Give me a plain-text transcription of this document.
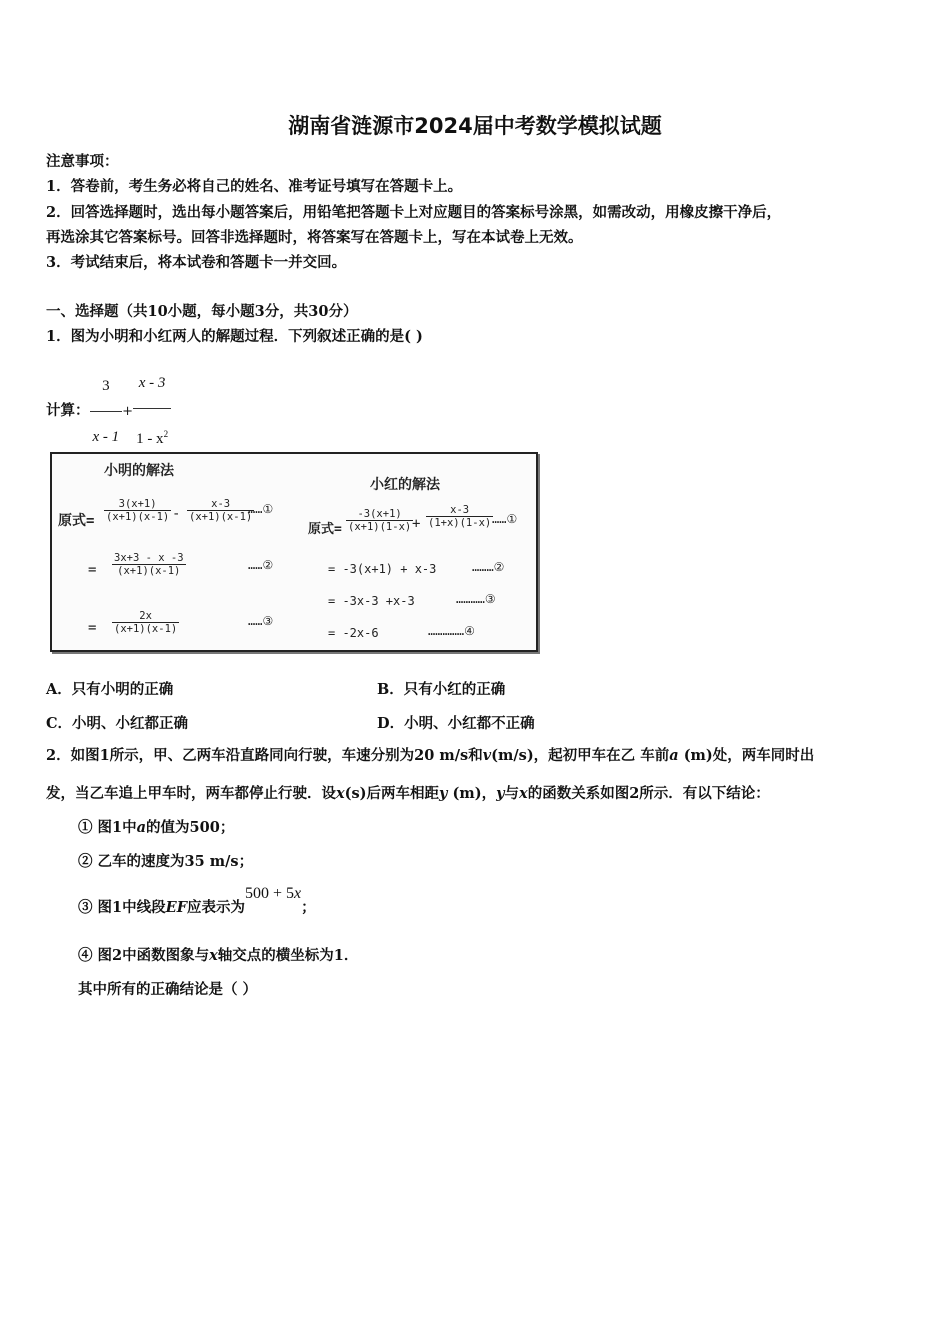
湖南省涟源市2024届中考数学模拟试题
注意事项：
1．答卷前，考生务必将自己的姓名、准考证号填写在答题卡上。
2．回答选择题时，选出每小题答案后，用铅笔把答题卡上对应题目的答案标号涂黑，如需改动，用橡皮擦干净后，
再选涂其它答案标号。回答非选择题时，将答案写在答题卡上，写在本试卷上无效。
3．考试结束后，将本试卷和答题卡一并交回。
一、选择题（共10小题，每小题3分，共30分）
1．图为小明和小红两人的解题过程．下列叙述正确的是( )
计算： $\frac{3}{x - 1} + \frac{x - 3}{1 - x^2}$
小明的解法
原式=
3(x+1)
(x+1)(x-1) -
x-3
(x+1)(x-1)
……①
=
3x+3 - x -3
(x+1)(x-1)	……②
=
2x
(x+1)(x-1)
……③
小红的解法
原式=
-3(x+1)
(x+1)(1-x) +
x-3
(1+x)(1-x) ……①
= -3(x+1) + x-3	………②
= -3x-3 +x-3	…………③
= -2x-6	……………④
A．只有小明的正确	B．只有小红的正确
C．小明、小红都正确	D．小明、小红都不正确
2．如图1所示，甲、乙两车沿直路同向行驶，车速分别为20 m/s和v(m/s)，起初甲车在乙 车前a (m)处，两车同时出
发，当乙车追上甲车时，两车都停止行驶．设x(s)后两车相距y (m)，y与x的函数关系如图2所示．有以下结论：
① 图1中a的值为500；
② 乙车的速度为35 m/s；
③ 图1中线段EF应表示为500 + 5x；
④ 图2中函数图象与x轴交点的横坐标为1．
其中所有的正确结论是（ ）
